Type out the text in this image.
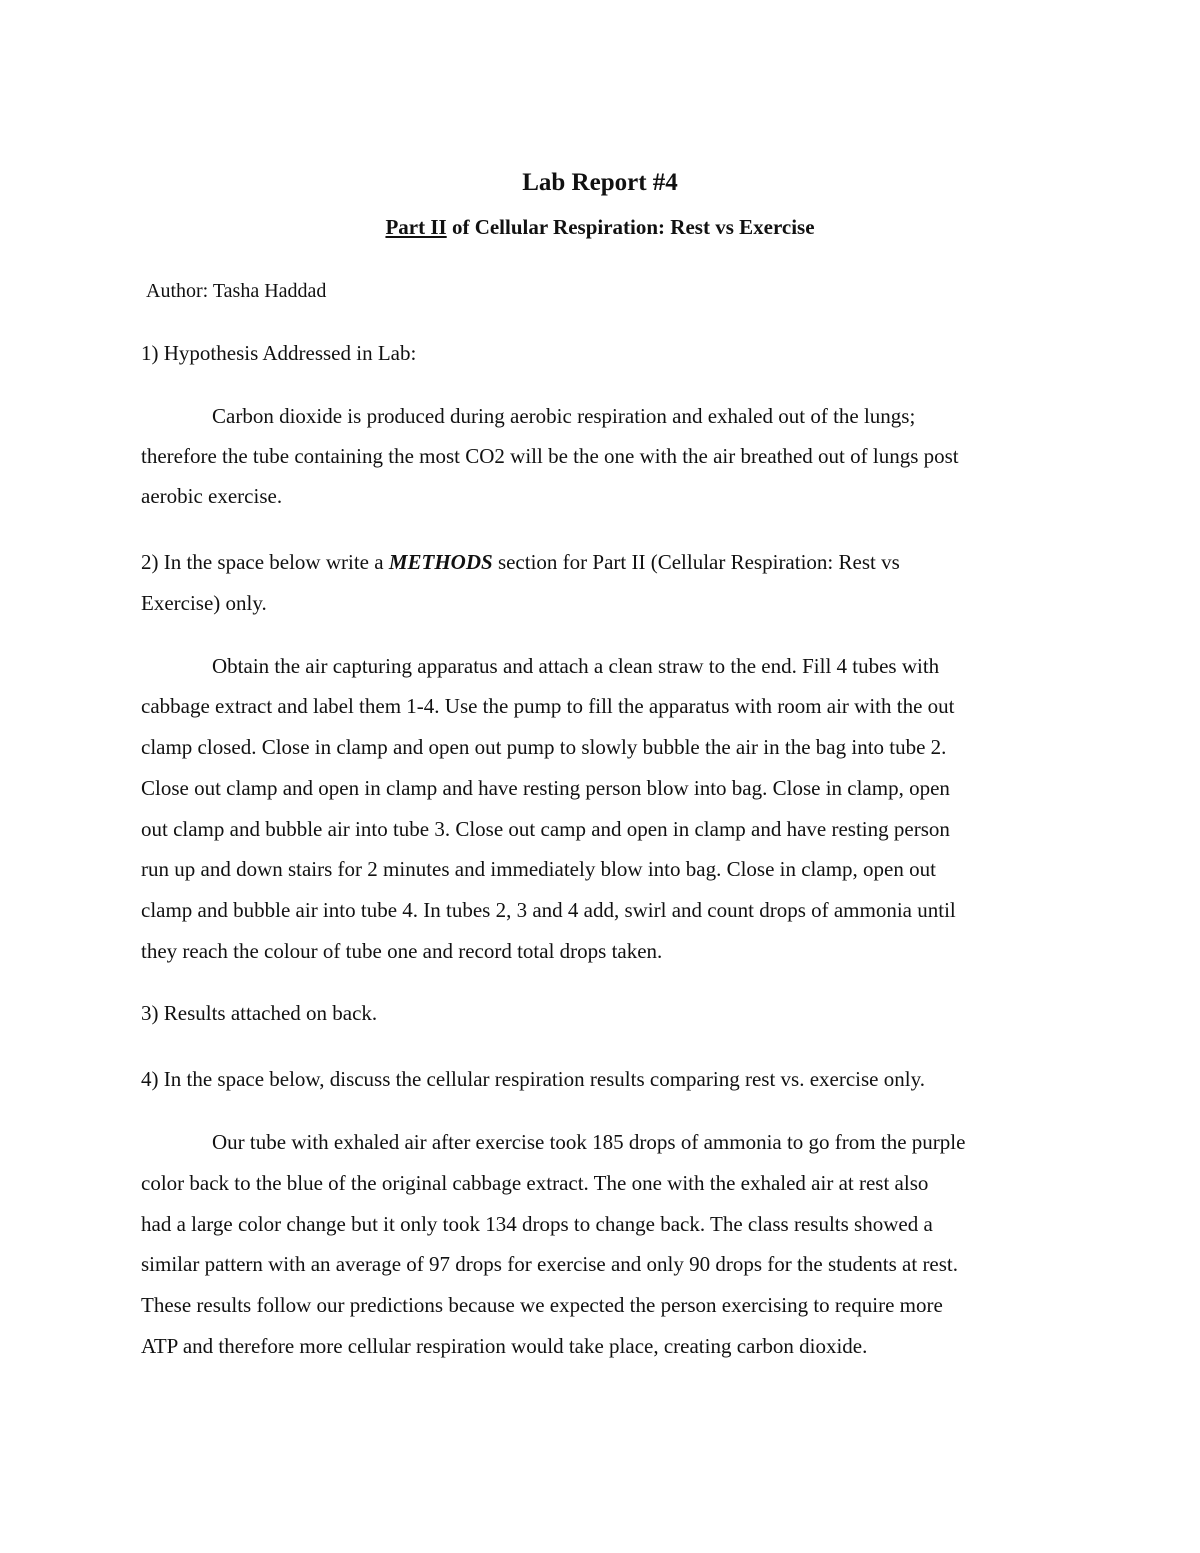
Lab Report #4
Part II of Cellular Respiration: Rest vs Exercise
Author: Tasha Haddad
1) Hypothesis Addressed in Lab:
Carbon dioxide is produced during aerobic respiration and exhaled out of the lungs;
therefore the tube containing the most CO2 will be the one with the air breathed out of lungs post
aerobic exercise.
2) In the space below write a METHODS section for Part II (Cellular Respiration: Rest vs
Exercise) only.
Obtain the air capturing apparatus and attach a clean straw to the end. Fill 4 tubes with
cabbage extract and label them 1-4. Use the pump to fill the apparatus with room air with the out
clamp closed. Close in clamp and open out pump to slowly bubble the air in the bag into tube 2.
Close out clamp and open in clamp and have resting person blow into bag. Close in clamp, open
out clamp and bubble air into tube 3. Close out camp and open in clamp and have resting person
run up and down stairs for 2 minutes and immediately blow into bag. Close in clamp, open out
clamp and bubble air into tube 4. In tubes 2, 3 and 4 add, swirl and count drops of ammonia until
they reach the colour of tube one and record total drops taken.
3) Results attached on back.
4) In the space below, discuss the cellular respiration results comparing rest vs. exercise only.
Our tube with exhaled air after exercise took 185 drops of ammonia to go from the purple
color back to the blue of the original cabbage extract. The one with the exhaled air at rest also
had a large color change but it only took 134 drops to change back. The class results showed a
similar pattern with an average of 97 drops for exercise and only 90 drops for the students at rest.
These results follow our predictions because we expected the person exercising to require more
ATP and therefore more cellular respiration would take place, creating carbon dioxide.
